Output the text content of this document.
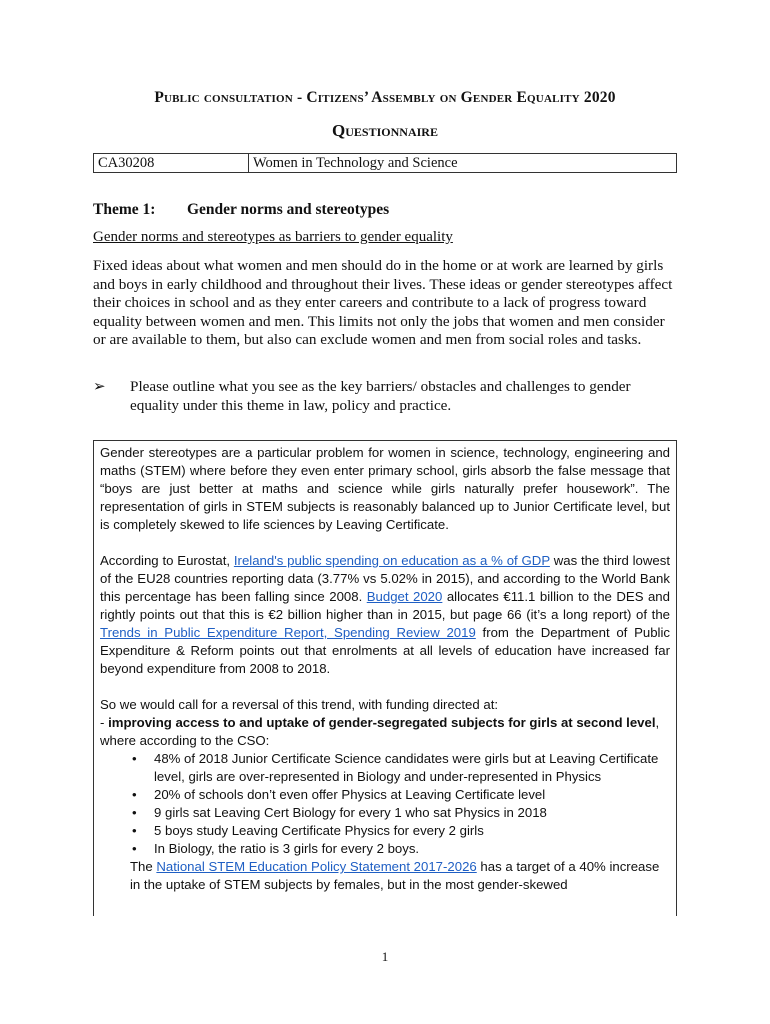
Public consultation - Citizens’ Assembly on Gender Equality 2020
Questionnaire
CA30208	Women in Technology and Science
Theme 1: Gender norms and stereotypes
Gender norms and stereotypes as barriers to gender equality

Fixed ideas about what women and men should do in the home or at work are learned by girls and boys in early childhood and throughout their lives. These ideas or gender stereotypes affect their choices in school and as they enter careers and contribute to a lack of progress toward equality between women and men. This limits not only the jobs that women and men consider or are available to them, but also can exclude women and men from social roles and tasks.

➢ Please outline what you see as the key barriers/ obstacles and challenges to gender equality under this theme in law, policy and practice.

Gender stereotypes are a particular problem for women in science, technology, engineering and maths (STEM) where before they even enter primary school, girls absorb the false message that “boys are just better at maths and science while girls naturally prefer housework”. The representation of girls in STEM subjects is reasonably balanced up to Junior Certificate level, but is completely skewed to life sciences by Leaving Certificate.

According to Eurostat, Ireland's public spending on education as a % of GDP was the third lowest of the EU28 countries reporting data (3.77% vs 5.02% in 2015), and according to the World Bank this percentage has been falling since 2008. Budget 2020 allocates €11.1 billion to the DES and rightly points out that this is €2 billion higher than in 2015, but page 66 (it’s a long report) of the Trends in Public Expenditure Report, Spending Review 2019 from the Department of Public Expenditure & Reform points out that enrolments at all levels of education have increased far beyond expenditure from 2008 to 2018.

So we would call for a reversal of this trend, with funding directed at:
- improving access to and uptake of gender-segregated subjects for girls at second level, where according to the CSO:
• 48% of 2018 Junior Certificate Science candidates were girls but at Leaving Certificate level, girls are over-represented in Biology and under-represented in Physics
• 20% of schools don’t even offer Physics at Leaving Certificate level
• 9 girls sat Leaving Cert Biology for every 1 who sat Physics in 2018
• 5 boys study Leaving Certificate Physics for every 2 girls
• In Biology, the ratio is 3 girls for every 2 boys.

The National STEM Education Policy Statement 2017-2026 has a target of a 40% increase in the uptake of STEM subjects by females, but in the most gender-skewed

1
